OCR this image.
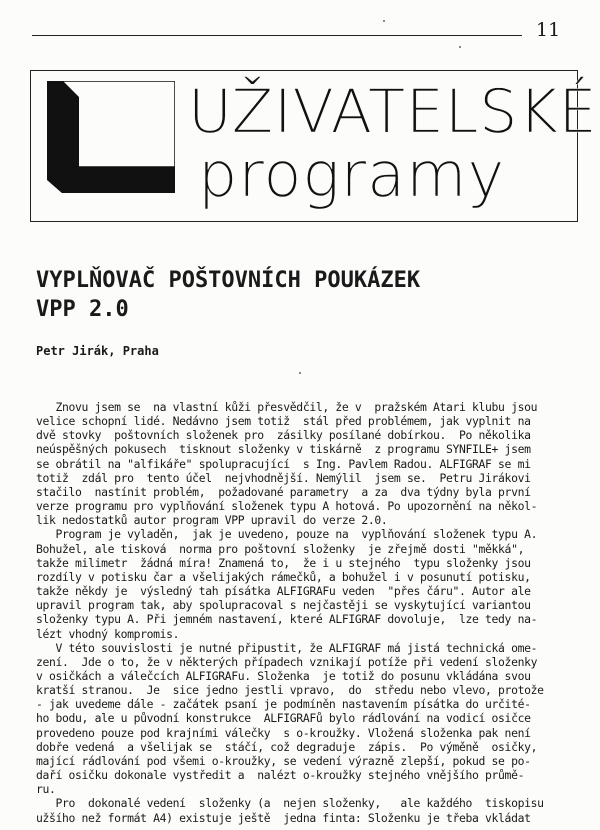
11
UŽIVATELSKÉ
programy
VYPLŇOVAČ POŠTOVNÍCH POUKÁZEK
VPP 2.0
Petr Jirák, Praha
Znovu jsem se  na vlastní kůži přesvědčil, že v  pražském Atari klubu jsou
velice schopní lidé. Nedávno jsem totiž  stál před problémem, jak vyplnit na
dvě stovky  poštovních složenek pro  zásilky posílané dobírkou.  Po několika
neúspěšných pokusech  tisknout složenky v tiskárně  z programu SYNFILE+ jsem
se obrátil na "alfikáře" spolupracující  s Ing. Pavlem Radou. ALFIGRAF se mi
totiž  zdál pro  tento účel  nejvhodnější. Nemýlil  jsem se.  Petru Jirákovi
stačilo  nastínit problém,  požadované parametry  a za  dva týdny byla první
verze programu pro vyplňování složenek typu A hotová. Po upozornění na někol-
lik nedostatků autor program VPP upravil do verze 2.0.
Program je vyladěn,  jak je uvedeno, pouze na  vyplňování složenek typu A.
Bohužel, ale tisková  norma pro poštovní složenky  je zřejmě dosti "měkká",
takže milimetr  žádná míra! Znamená to,  že i u stejného  typu složenky jsou
rozdíly v potisku čar a všelijakých rámečků, a bohužel i v posunutí potisku,
takže někdy je  výsledný tah písátka ALFIGRAFu veden  "přes čáru". Autor ale
upravil program tak, aby spolupracoval s nejčastěji se vyskytující variantou
složenky typu A. Při jemném nastavení, které ALFIGRAF dovoluje,  lze tedy na-
lézt vhodný kompromis.
V této souvislosti je nutné připustit, že ALFIGRAF má jistá technická ome-
zení.  Jde o to, že v některých případech vznikají potíže při vedení složenky
v osičkách a válečcích ALFIGRAFu. Složenka  je totiž do posunu vkládána svou
kratší stranou.  Je  sice jedno jestli vpravo,  do  středu nebo vlevo, protože
- jak uvedeme dále - začátek psaní je podmíněn nastavením písátka do určité-
ho bodu, ale u původní konstrukce  ALFIGRAFů bylo rádlování na vodicí osičce
provedeno pouze pod krajními válečky  s o-kroužky. Vložená složenka pak není
dobře vedená  a všelijak se  stáčí, což degraduje  zápis.  Po výměně  osičky,
mající rádlování pod všemi o-kroužky, se vedení výrazně zlepší, pokud se po-
daří osičku dokonale vystředit a  nalézt o-kroužky stejného vnějšího průmě-
ru.
Pro  dokonalé vedení  složenky (a  nejen složenky,   ale každého  tiskopisu
užšího než formát A4) existuje ještě  jedna finta: Složenku je třeba vkládat
